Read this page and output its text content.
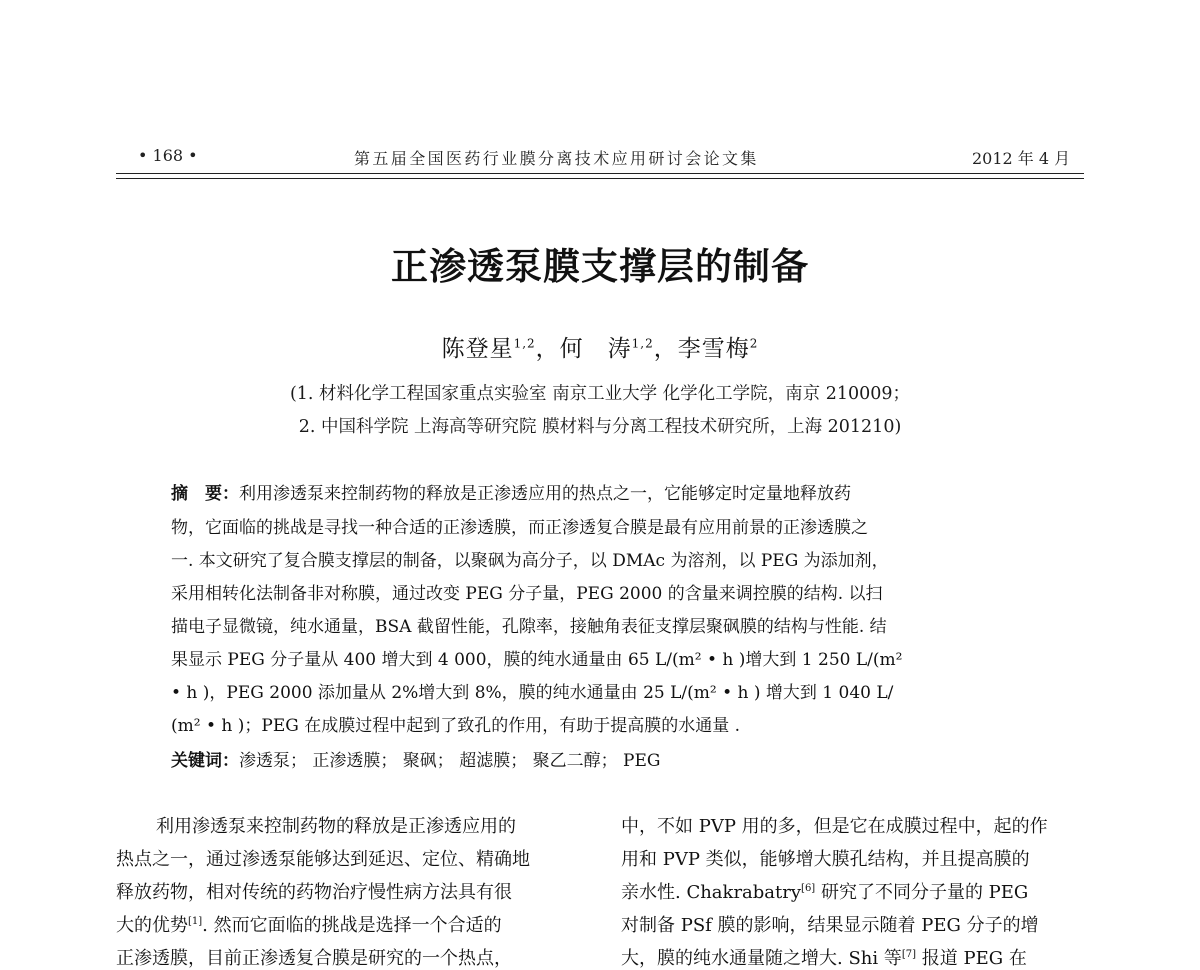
• 168 •	第五届全国医药行业膜分离技术应用研讨会论文集	2012 年 4 月
正渗透泵膜支撑层的制备
陈登星$^{1,2}$，何　涛$^{1,2}$，李雪梅$^2$
(1. 材料化学工程国家重点实验室 南京工业大学 化学化工学院，南京 210009；
2. 中国科学院 上海高等研究院 膜材料与分离工程技术研究所，上海 201210)
摘　要：利用渗透泵来控制药物的释放是正渗透应用的热点之一，它能够定时定量地释放药
物，它面临的挑战是寻找一种合适的正渗透膜，而正渗透复合膜是最有应用前景的正渗透膜之
一. 本文研究了复合膜支撑层的制备，以聚砜为高分子，以 DMAc 为溶剂，以 PEG 为添加剂，
采用相转化法制备非对称膜，通过改变 PEG 分子量，PEG 2000 的含量来调控膜的结构. 以扫
描电子显微镜，纯水通量，BSA 截留性能，孔隙率，接触角表征支撑层聚砜膜的结构与性能. 结
果显示 PEG 分子量从 400 增大到 4 000，膜的纯水通量由 65 L/(m² • h )增大到 1 250 L/(m²
• h )，PEG 2000 添加量从 2%增大到 8%，膜的纯水通量由 25 L/(m² • h ) 增大到 1 040 L/
(m² • h )；PEG 在成膜过程中起到了致孔的作用，有助于提高膜的水通量 .
关键词：渗透泵； 正渗透膜； 聚砜； 超滤膜； 聚乙二醇； PEG
利用渗透泵来控制药物的释放是正渗透应用的
热点之一，通过渗透泵能够达到延迟、定位、精确地
释放药物，相对传统的药物治疗慢性病方法具有很
大的优势[1]. 然而它面临的挑战是选择一个合适的
正渗透膜，目前正渗透复合膜是研究的一个热点，
中，不如 PVP 用的多，但是它在成膜过程中，起的作
用和 PVP 类似，能够增大膜孔结构，并且提高膜的
亲水性. Chakrabatry[6] 研究了不同分子量的 PEG
对制备 PSf 膜的影响，结果显示随着 PEG 分子的增
大，膜的纯水通量随之增大. Shi 等[7] 报道 PEG 在
